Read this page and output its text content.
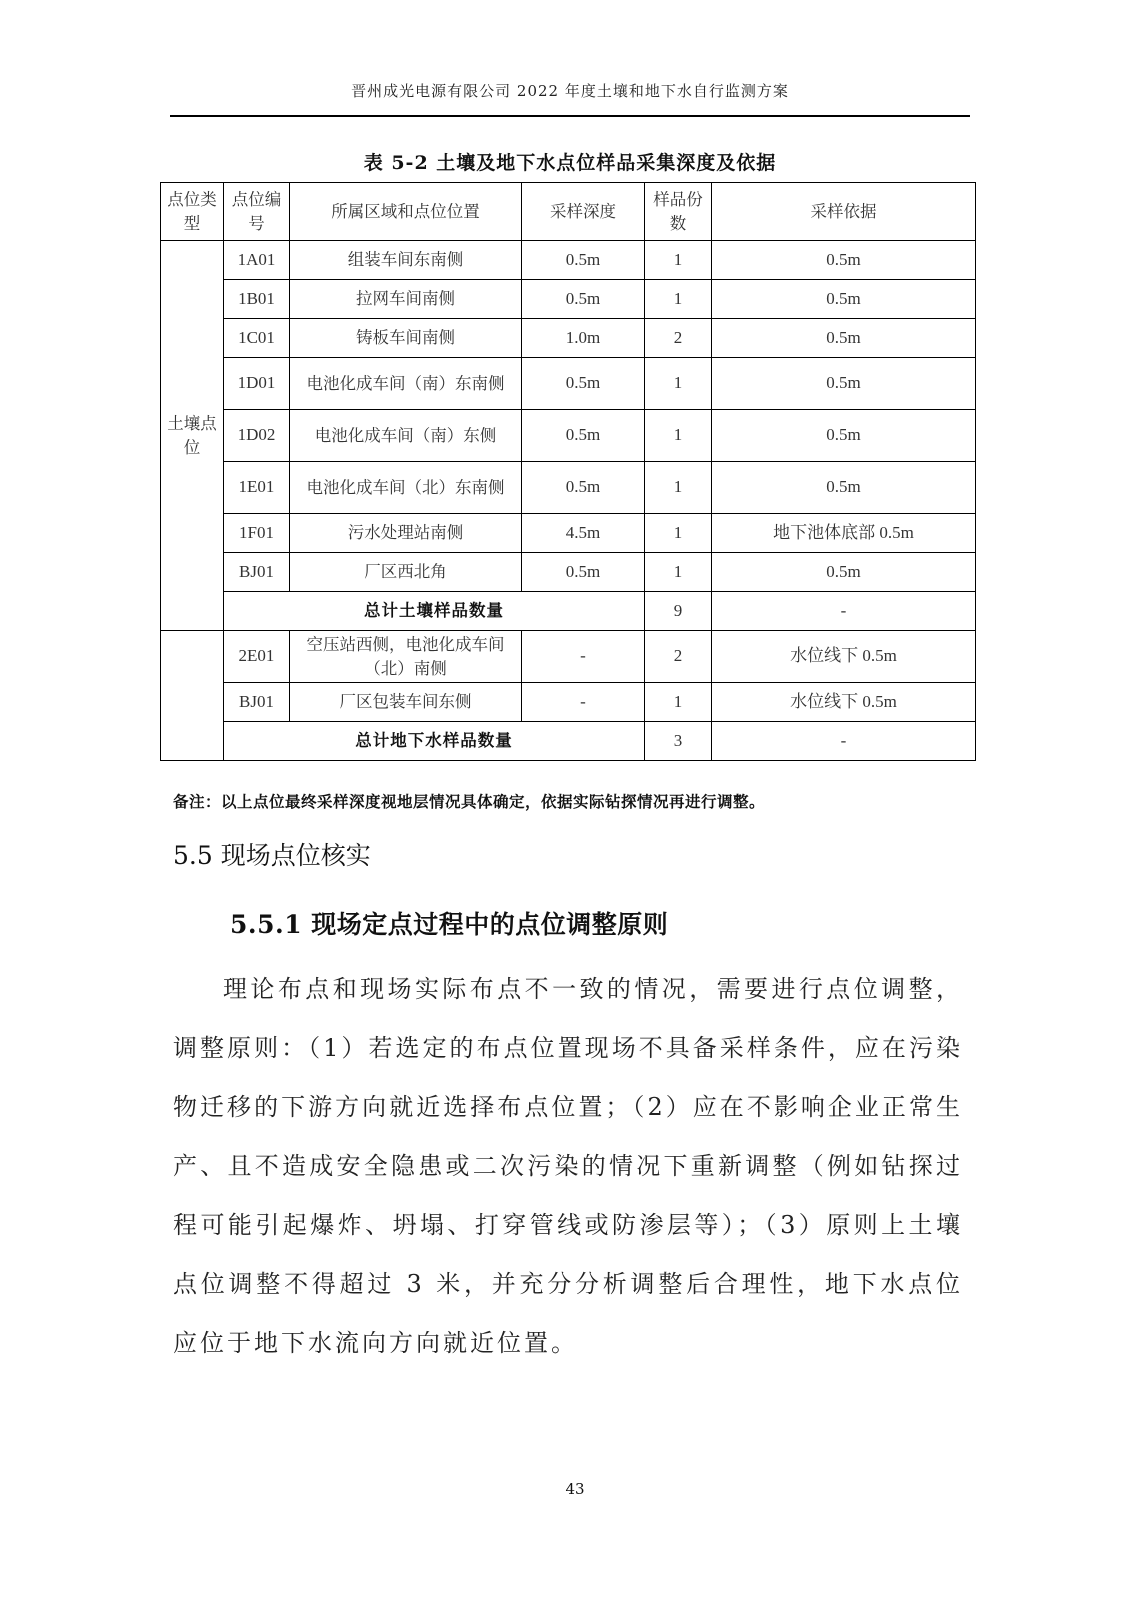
晋州成光电源有限公司 2022 年度土壤和地下水自行监测方案
表 5-2 土壤及地下水点位样品采集深度及依据
点位类型	点位编号	所属区域和点位位置	采样深度	样品份数	采样依据
土壤点位	1A01	组装车间东南侧	0.5m	1	0.5m
	1B01	拉网车间南侧	0.5m	1	0.5m
	1C01	铸板车间南侧	1.0m	2	0.5m
	1D01	电池化成车间（南）东南侧	0.5m	1	0.5m
	1D02	电池化成车间（南）东侧	0.5m	1	0.5m
	1E01	电池化成车间（北）东南侧	0.5m	1	0.5m
	1F01	污水处理站南侧	4.5m	1	地下池体底部 0.5m
	BJ01	厂区西北角	0.5m	1	0.5m
	总计土壤样品数量			9	-
	2E01	空压站西侧，电池化成车间（北）南侧	-	2	水位线下 0.5m
	BJ01	厂区包装车间东侧	-	1	水位线下 0.5m
	总计地下水样品数量			3	-
备注：以上点位最终采样深度视地层情况具体确定，依据实际钻探情况再进行调整。
5.5 现场点位核实
5.5.1 现场定点过程中的点位调整原则
理论布点和现场实际布点不一致的情况，需要进行点位调整，调整原则：（1）若选定的布点位置现场不具备采样条件，应在污染物迁移的下游方向就近选择布点位置；（2）应在不影响企业正常生产、且不造成安全隐患或二次污染的情况下重新调整（例如钻探过程可能引起爆炸、坍塌、打穿管线或防渗层等）；（3）原则上土壤点位调整不得超过 3 米，并充分分析调整后合理性，地下水点位应位于地下水流向方向就近位置。
43
